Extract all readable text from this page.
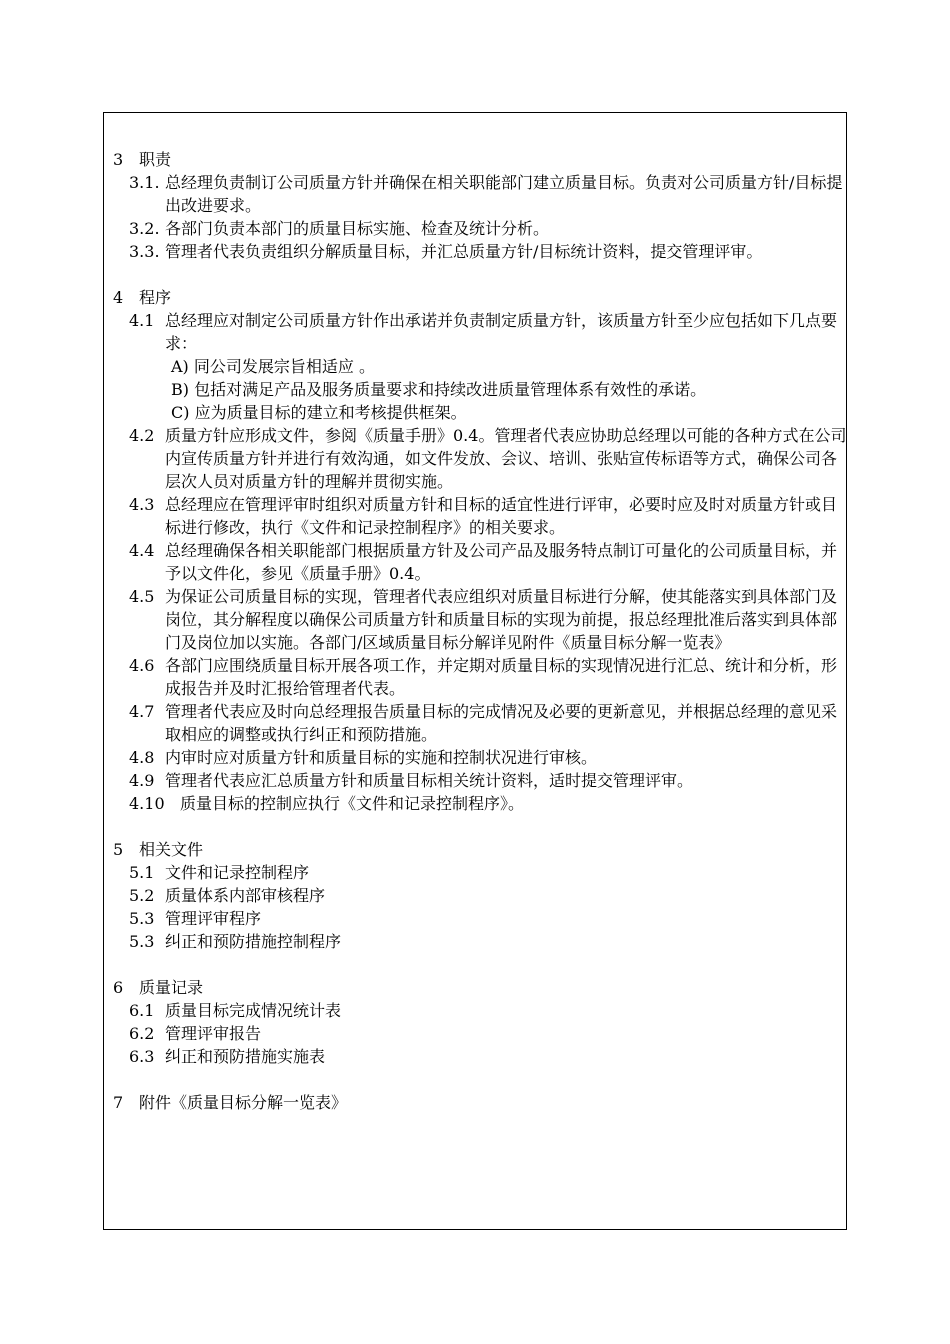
3 职责

3.1. 总经理负责制订公司质量方针并确保在相关职能部门建立质量目标。负责对公司质量方针/目标提出改进要求。
3.2. 各部门负责本部门的质量目标实施、检查及统计分析。
3.3. 管理者代表负责组织分解质量目标，并汇总质量方针/目标统计资料，提交管理评审。

4 程序

4.1 总经理应对制定公司质量方针作出承诺并负责制定质量方针，该质量方针至少应包括如下几点要求：

A) 同公司发展宗旨相适应 。

B) 包括对满足产品及服务质量要求和持续改进质量管理体系有效性的承诺。

C) 应为质量目标的建立和考核提供框架。

4.2 质量方针应形成文件，参阅《质量手册》0.4。管理者代表应协助总经理以可能的各种方式在公司内宣传质量方针并进行有效沟通，如文件发放、会议、培训、张贴宣传标语等方式，确保公司各层次人员对质量方针的理解并贯彻实施。
4.3 总经理应在管理评审时组织对质量方针和目标的适宜性进行评审，必要时应及时对质量方针或目标进行修改，执行《文件和记录控制程序》的相关要求。
4.4 总经理确保各相关职能部门根据质量方针及公司产品及服务特点制订可量化的公司质量目标，并予以文件化，参见《质量手册》0.4。
4.5 为保证公司质量目标的实现，管理者代表应组织对质量目标进行分解，使其能落实到具体部门及岗位，其分解程度以确保公司质量方针和质量目标的实现为前提，报总经理批准后落实到具体部门及岗位加以实施。各部门/区域质量目标分解详见附件《质量目标分解一览表》
4.6 各部门应围绕质量目标开展各项工作，并定期对质量目标的实现情况进行汇总、统计和分析，形成报告并及时汇报给管理者代表。
4.7 管理者代表应及时向总经理报告质量目标的完成情况及必要的更新意见，并根据总经理的意见采取相应的调整或执行纠正和预防措施。
4.8 内审时应对质量方针和质量目标的实施和控制状况进行审核。
4.9 管理者代表应汇总质量方针和质量目标相关统计资料，适时提交管理评审。
4.10 质量目标的控制应执行《文件和记录控制程序》。

5 相关文件

5.1 文件和记录控制程序
5.2 质量体系内部审核程序
5.3 管理评审程序
5.3 纠正和预防措施控制程序

6 质量记录

6.1 质量目标完成情况统计表
6.2 管理评审报告
6.3 纠正和预防措施实施表

7 附件《质量目标分解一览表》
